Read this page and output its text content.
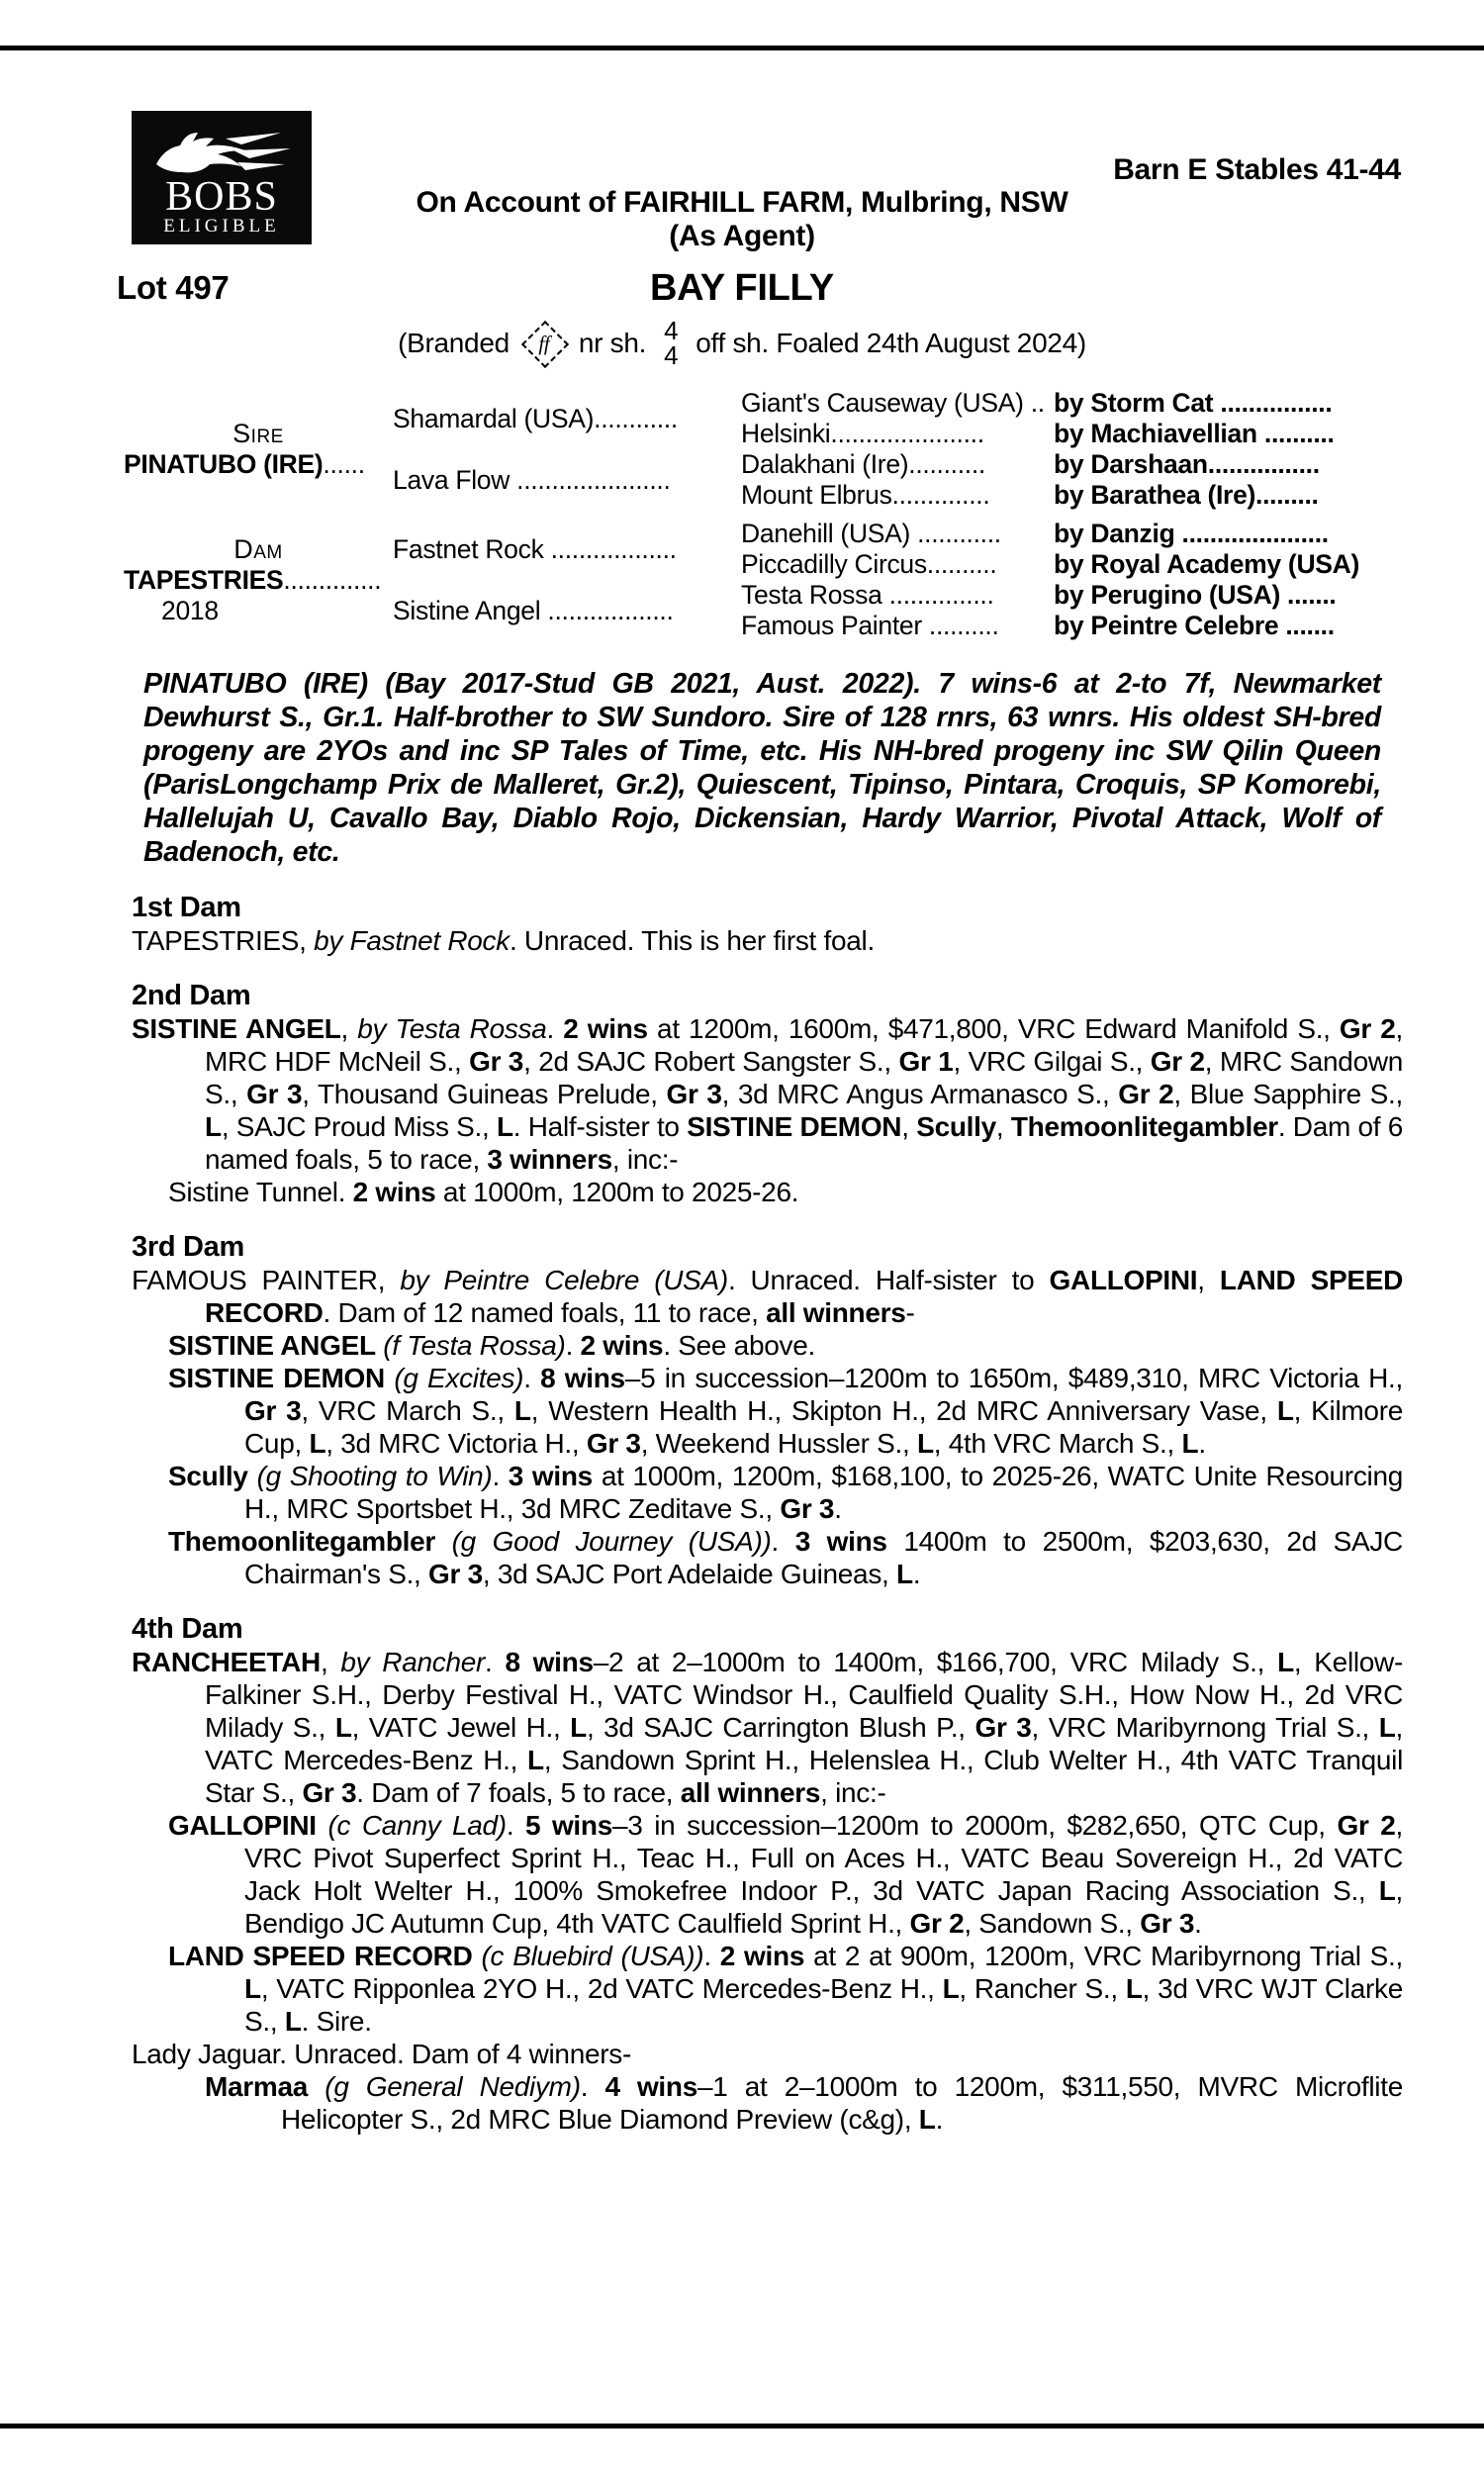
BOBS
ELIGIBLE
Barn E Stables 41-44
On Account of FAIRHILL FARM, Mulbring, NSW
(As Agent)
Lot 497	BAY FILLY
(Branded ff nr sh. 4
4 off sh. Foaled 24th August 2024)
Sire
PINATUBO (IRE)......
Shamardal (USA)............
Lava Flow ......................
Giant's Causeway (USA) .. by Storm Cat ................
Helsinki......................	by Machiavellian ..........
Dalakhani (Ire)...........	by Darshaan................
Mount Elbrus..............	by Barathea (Ire).........
Dam
TAPESTRIES..............
2018
Fastnet Rock ..................
Sistine Angel ..................
Danehill (USA) ............	by Danzig .....................
Piccadilly Circus..........	by Royal Academy (USA)
Testa Rossa ...............	by Perugino (USA) .......
Famous Painter ..........	by Peintre Celebre .......
PINATUBO (IRE) (Bay 2017-Stud GB 2021, Aust. 2022). 7 wins-6 at 2-to 7f, Newmarket Dewhurst S., Gr.1. Half-brother to SW Sundoro. Sire of 128 rnrs, 63 wnrs. His oldest SH-bred progeny are 2YOs and inc SP Tales of Time, etc. His NH-bred progeny inc SW Qilin Queen (ParisLongchamp Prix de Malleret, Gr.2), Quiescent, Tipinso, Pintara, Croquis, SP Komorebi, Hallelujah U, Cavallo Bay, Diablo Rojo, Dickensian, Hardy Warrior, Pivotal Attack, Wolf of Badenoch, etc.
1st Dam
TAPESTRIES, by Fastnet Rock. Unraced. This is her first foal.
2nd Dam
SISTINE ANGEL, by Testa Rossa. 2 wins at 1200m, 1600m, $471,800, VRC Edward Manifold S., Gr 2, MRC HDF McNeil S., Gr 3, 2d SAJC Robert Sangster S., Gr 1, VRC Gilgai S., Gr 2, MRC Sandown S., Gr 3, Thousand Guineas Prelude, Gr 3, 3d MRC Angus Armanasco S., Gr 2, Blue Sapphire S., L, SAJC Proud Miss S., L. Half-sister to SISTINE DEMON, Scully, Themoonlitegambler. Dam of 6 named foals, 5 to race, 3 winners, inc:-
Sistine Tunnel. 2 wins at 1000m, 1200m to 2025-26.
3rd Dam
FAMOUS PAINTER, by Peintre Celebre (USA). Unraced. Half-sister to GALLOPINI, LAND SPEED RECORD. Dam of 12 named foals, 11 to race, all winners-
SISTINE ANGEL (f Testa Rossa). 2 wins. See above.
SISTINE DEMON (g Excites). 8 wins–5 in succession–1200m to 1650m, $489,310, MRC Victoria H., Gr 3, VRC March S., L, Western Health H., Skipton H., 2d MRC Anniversary Vase, L, Kilmore Cup, L, 3d MRC Victoria H., Gr 3, Weekend Hussler S., L, 4th VRC March S., L.
Scully (g Shooting to Win). 3 wins at 1000m, 1200m, $168,100, to 2025-26, WATC Unite Resourcing H., MRC Sportsbet H., 3d MRC Zeditave S., Gr 3.
Themoonlitegambler (g Good Journey (USA)). 3 wins 1400m to 2500m, $203,630, 2d SAJC Chairman's S., Gr 3, 3d SAJC Port Adelaide Guineas, L.
4th Dam
RANCHEETAH, by Rancher. 8 wins–2 at 2–1000m to 1400m, $166,700, VRC Milady S., L, Kellow-Falkiner S.H., Derby Festival H., VATC Windsor H., Caulfield Quality S.H., How Now H., 2d VRC Milady S., L, VATC Jewel H., L, 3d SAJC Carrington Blush P., Gr 3, VRC Maribyrnong Trial S., L, VATC Mercedes-Benz H., L, Sandown Sprint H., Helenslea H., Club Welter H., 4th VATC Tranquil Star S., Gr 3. Dam of 7 foals, 5 to race, all winners, inc:-
GALLOPINI (c Canny Lad). 5 wins–3 in succession–1200m to 2000m, $282,650, QTC Cup, Gr 2, VRC Pivot Superfect Sprint H., Teac H., Full on Aces H., VATC Beau Sovereign H., 2d VATC Jack Holt Welter H., 100% Smokefree Indoor P., 3d VATC Japan Racing Association S., L, Bendigo JC Autumn Cup, 4th VATC Caulfield Sprint H., Gr 2, Sandown S., Gr 3.
LAND SPEED RECORD (c Bluebird (USA)). 2 wins at 2 at 900m, 1200m, VRC Maribyrnong Trial S., L, VATC Ripponlea 2YO H., 2d VATC Mercedes-Benz H., L, Rancher S., L, 3d VRC WJT Clarke S., L. Sire.
Lady Jaguar. Unraced. Dam of 4 winners-
Marmaa (g General Nediym). 4 wins–1 at 2–1000m to 1200m, $311,550, MVRC Microflite Helicopter S., 2d MRC Blue Diamond Preview (c&g), L.
